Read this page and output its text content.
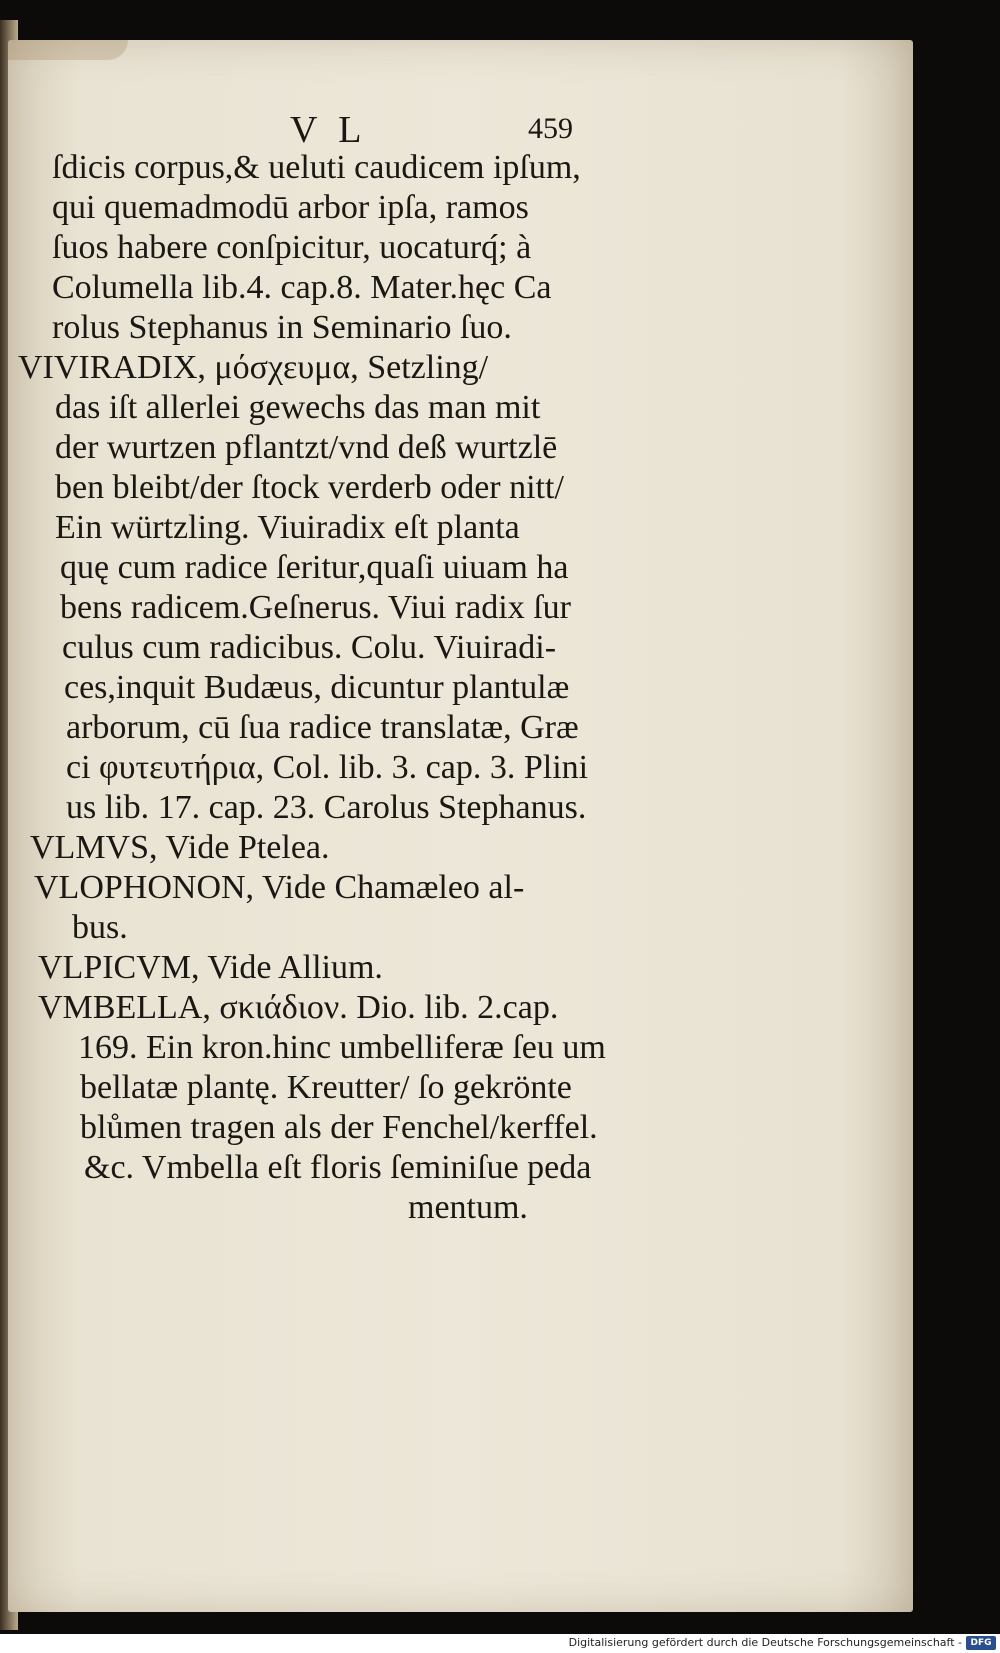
V L	459
ſdicis corpus,& ueluti caudicem ipſum,
qui quemadmodū arbor ipſa, ramos
ſuos habere conſpicitur, uocaturq́; à
Columella lib.4. cap.8. Mater.hęc Ca
rolus Stephanus in Seminario ſuo.
VIVIRADIX, μόσχευμα, Setzling/
das iſt allerlei gewechs das man mit
der wurtzen pflantzt/vnd deß wurtzlē
ben bleibt/der ſtock verderb oder nitt/
Ein würtzling. Viuiradix eſt planta
quę cum radice ſeritur,quaſi uiuam ha
bens radicem.Geſnerus. Viui radix ſur
culus cum radicibus. Colu. Viuiradi-
ces,inquit Budæus, dicuntur plantulæ
arborum, cū ſua radice translatæ, Græ
ci φυτευτήρια, Col. lib. 3. cap. 3. Plini
us lib. 17. cap. 23. Carolus Stephanus.
VLMVS, Vide Ptelea.
VLOPHONON, Vide Chamæleo al-
bus.
VLPICVM, Vide Allium.
VMBELLA, σκιάδιον. Dio. lib. 2.cap.
169. Ein kron.hinc umbelliferæ ſeu um
bellatæ plantę. Kreutter/ ſo gekrönte
blůmen tragen als der Fenchel/kerffel.
&c. Vmbella eſt floris ſeminiſue peda
mentum.
Digitalisierung gefördert durch die Deutsche Forschungsgemeinschaft - DFG
